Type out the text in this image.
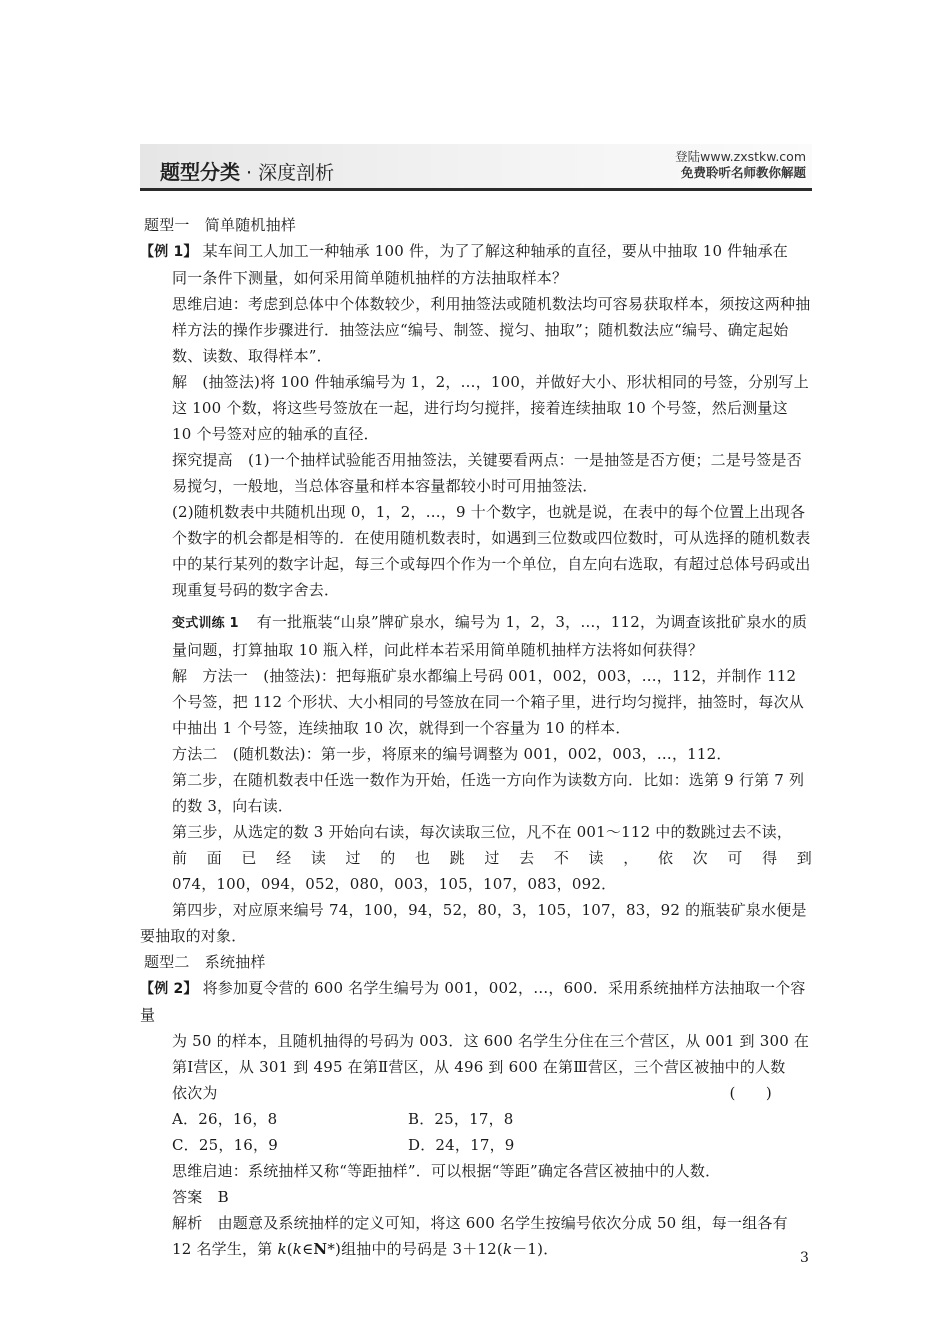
题型分类 · 深度剖析
登陆www.zxstkw.com
免费聆听名师教你解题

题型一　简单随机抽样

【例 1】 某车间工人加工一种轴承 100 件，为了了解这种轴承的直径，要从中抽取 10 件轴承在

同一条件下测量，如何采用简单随机抽样的方法抽取样本？

思维启迪：考虑到总体中个体数较少，利用抽签法或随机数法均可容易获取样本，须按这两种抽样方法的操作步骤进行．抽签法应“编号、制签、搅匀、抽取”；随机数法应“编号、确定起始数、读数、取得样本”．

解　(抽签法)将 100 件轴承编号为 1，2，…，100，并做好大小、形状相同的号签，分别写上这 100 个数，将这些号签放在一起，进行均匀搅拌，接着连续抽取 10 个号签，然后测量这 10 个号签对应的轴承的直径．

探究提高　(1)一个抽样试验能否用抽签法，关键要看两点：一是抽签是否方便；二是号签是否易搅匀，一般地，当总体容量和样本容量都较小时可用抽签法．

(2)随机数表中共随机出现 0，1，2，…，9 十个数字，也就是说，在表中的每个位置上出现各个数字的机会都是相等的．在使用随机数表时，如遇到三位数或四位数时，可从选择的随机数表中的某行某列的数字计起，每三个或每四个作为一个单位，自左向右选取，有超过总体号码或出现重复号码的数字舍去．

变式训练 1 有一批瓶装“山泉”牌矿泉水，编号为 1，2，3，…，112，为调查该批矿泉水的质量问题，打算抽取 10 瓶入样，问此样本若采用简单随机抽样方法将如何获得？

解　方法一　(抽签法)：把每瓶矿泉水都编上号码 001，002，003，…，112，并制作 112 个号签，把 112 个形状、大小相同的号签放在同一个箱子里，进行均匀搅拌，抽签时，每次从中抽出 1 个号签，连续抽取 10 次，就得到一个容量为 10 的样本．

方法二　(随机数法)：第一步，将原来的编号调整为 001，002，003，…，112．

第二步，在随机数表中任选一数作为开始，任选一方向作为读数方向．比如：选第 9 行第 7 列的数 3，向右读．

第三步，从选定的数 3 开始向右读，每次读取三位，凡不在 001～112 中的数跳过去不读，

前 面 已 经 读 过 的 也 跳 过 去 不 读 ， 依 次 可 得 到

074，100，094，052，080，003，105，107，083，092．

第四步，对应原来编号 74，100，94，52，80，3，105，107，83，92 的瓶装矿泉水便是要抽取的对象．

题型二　系统抽样

【例 2】 将参加夏令营的 600 名学生编号为 001，002，…，600．采用系统抽样方法抽取一个容量

为 50 的样本，且随机抽得的号码为 003．这 600 名学生分住在三个营区，从 001 到 300 在第Ⅰ营区，从 301 到 495 在第Ⅱ营区，从 496 到 600 在第Ⅲ营区，三个营区被抽中的人数

依次为	(　　)

A．26，16，8	B．25，17，8

C．25，16，9	D．24，17，9

思维启迪：系统抽样又称“等距抽样”．可以根据“等距”确定各营区被抽中的人数．

答案　B

解析　由题意及系统抽样的定义可知，将这 600 名学生按编号依次分成 50 组，每一组各有 12 名学生，第 k(k∈N*)组抽中的号码是 3＋12(k－1)．	3
